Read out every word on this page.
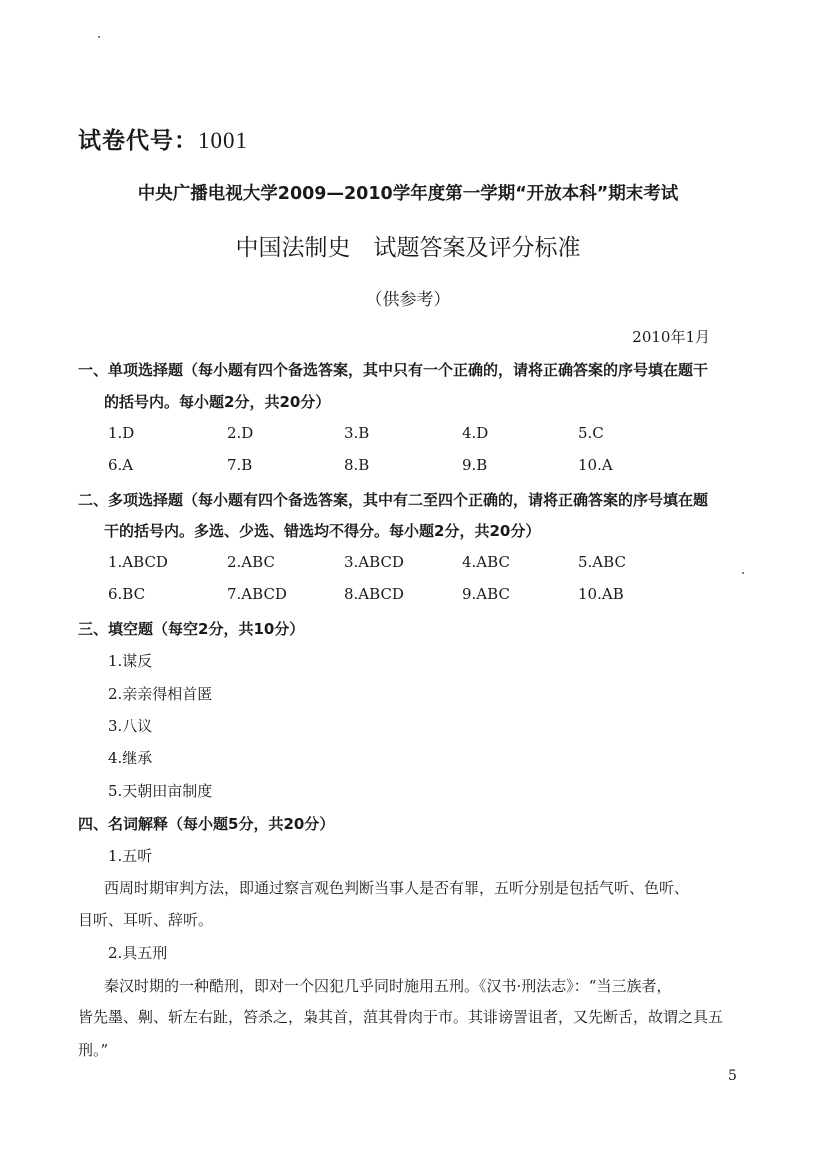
试卷代号：1001
中央广播电视大学2009—2010学年度第一学期“开放本科”期末考试
中国法制史　试题答案及评分标准
（供参考）
2010年1月
一、单项选择题（每小题有四个备选答案，其中只有一个正确的，请将正确答案的序号填在题干
的括号内。每小题2分，共20分）
1.D	2.D	3.B	4.D	5.C
6.A	7.B	8.B	9.B	10.A
二、多项选择题（每小题有四个备选答案，其中有二至四个正确的，请将正确答案的序号填在题
干的括号内。多选、少选、错选均不得分。每小题2分，共20分）
1.ABCD	2.ABC	3.ABCD	4.ABC	5.ABC
6.BC	7.ABCD	8.ABCD	9.ABC	10.AB
三、填空题（每空2分，共10分）
1.谋反
2.亲亲得相首匿
3.八议
4.继承
5.天朝田亩制度
四、名词解释（每小题5分，共20分）
1.五听
西周时期审判方法，即通过察言观色判断当事人是否有罪，五听分别是包括气听、色听、
目听、耳听、辞听。
2.具五刑
秦汉时期的一种酷刑，即对一个囚犯几乎同时施用五刑。《汉书·刑法志》：“当三族者，
皆先墨、劓、斩左右趾，笞杀之，枭其首，菹其骨肉于市。其诽谤詈诅者，又先断舌，故谓之具五
刑。”
5
